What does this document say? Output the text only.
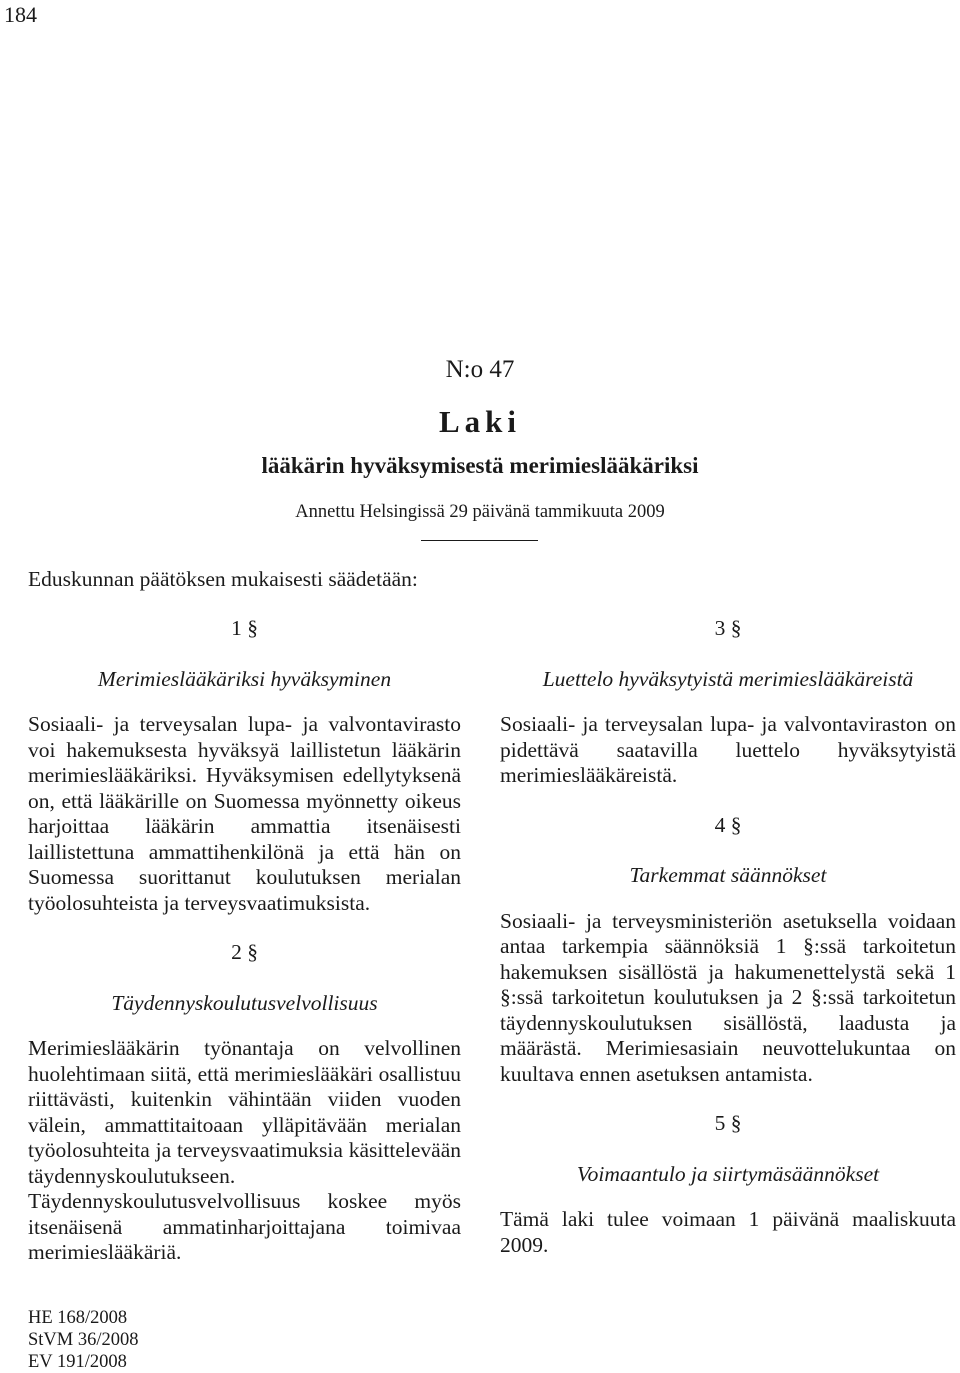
184
N:o 47
Laki
lääkärin hyväksymisestä merimieslääkäriksi
Annettu Helsingissä 29 päivänä tammikuuta 2009
Eduskunnan päätöksen mukaisesti säädetään:

1 §

Merimieslääkäriksi hyväksyminen

Sosiaali- ja terveysalan lupa- ja valvontavirasto voi hakemuksesta hyväksyä laillistetun lääkärin merimieslääkäriksi. Hyväksymisen edellytyksenä on, että lääkärille on Suomessa myönnetty oikeus harjoittaa lääkärin ammattia itsenäisesti laillistettuna ammattihenkilönä ja että hän on Suomessa suorittanut koulutuksen merialan työolosuhteista ja terveysvaatimuksista.

2 §

Täydennyskoulutusvelvollisuus

Merimieslääkärin työnantaja on velvollinen huolehtimaan siitä, että merimieslääkäri osallistuu riittävästi, kuitenkin vähintään viiden vuoden välein, ammattitaitoaan ylläpitävään merialan työolosuhteita ja terveysvaatimuksia käsittelevään täydennyskoulutukseen. Täydennyskoulutusvelvollisuus koskee myös itsenäisenä ammatinharjoittajana toimivaa merimieslääkäriä.

3 §

Luettelo hyväksytyistä merimieslääkäreistä

Sosiaali- ja terveysalan lupa- ja valvontaviraston on pidettävä saatavilla luettelo hyväksytyistä merimieslääkäreistä.

4 §

Tarkemmat säännökset

Sosiaali- ja terveysministeriön asetuksella voidaan antaa tarkempia säännöksiä 1 §:ssä tarkoitetun hakemuksen sisällöstä ja hakumenettelystä sekä 1 §:ssä tarkoitetun koulutuksen ja 2 §:ssä tarkoitetun täydennyskoulutuksen sisällöstä, laadusta ja määrästä. Merimiesasiain neuvottelukuntaa on kuultava ennen asetuksen antamista.

5 §

Voimaantulo ja siirtymäsäännökset

Tämä laki tulee voimaan 1 päivänä maaliskuuta 2009.

HE 168/2008
StVM 36/2008
EV 191/2008
